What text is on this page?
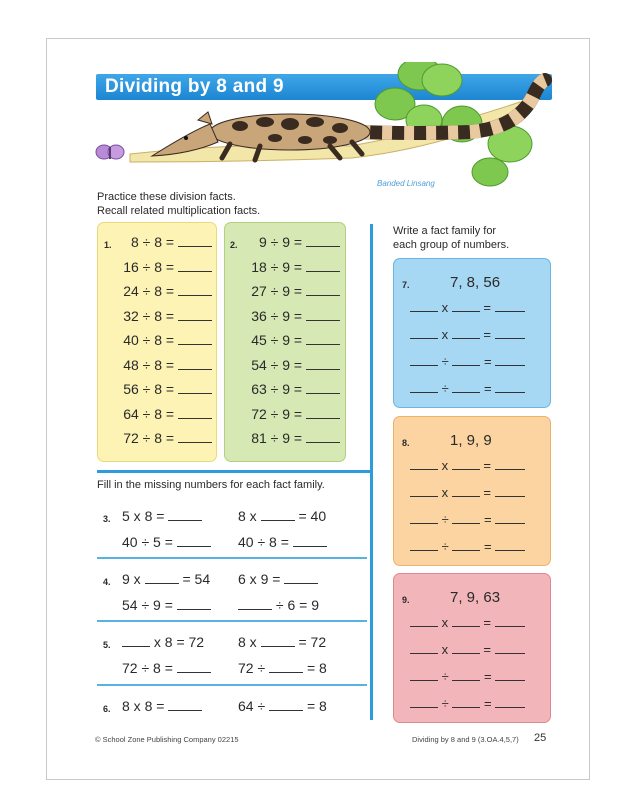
Dividing by 8 and 9
Banded Linsang
Practice these division facts.
Recall related multiplication facts.
1.	2.
8 ÷ 8 =
16 ÷ 8 =
24 ÷ 8 =
32 ÷ 8 =
40 ÷ 8 =
48 ÷ 8 =
56 ÷ 8 =
64 ÷ 8 =
72 ÷ 8 =
9 ÷ 9 =
18 ÷ 9 =
27 ÷ 9 =
36 ÷ 9 =
45 ÷ 9 =
54 ÷ 9 =
63 ÷ 9 =
72 ÷ 9 =
81 ÷ 9 =
Fill in the missing numbers for each fact family.
3. 5 x 8 =	8 x	= 40
40 ÷ 5 =	40 ÷ 8 =
4. 9 x	= 54 6 x 9 =
54 ÷ 9 =	÷ 6 = 9
5.	x 8 = 72 8 x	= 72
72 ÷ 8 =	72 ÷	= 8
6. 8 x 8 =	64 ÷	= 8
Write a fact family for
each group of numbers.
7.	7, 8, 56
x  =
x  =
÷  =
÷  =
8.	1, 9, 9
x  =
x  =
÷  =
÷  =
9.	7, 9, 63
x  =
x  =
÷  =
÷  =
© School Zone Publishing Company 02215	Dividing by 8 and 9 (3.OA.4,5,7) 25
